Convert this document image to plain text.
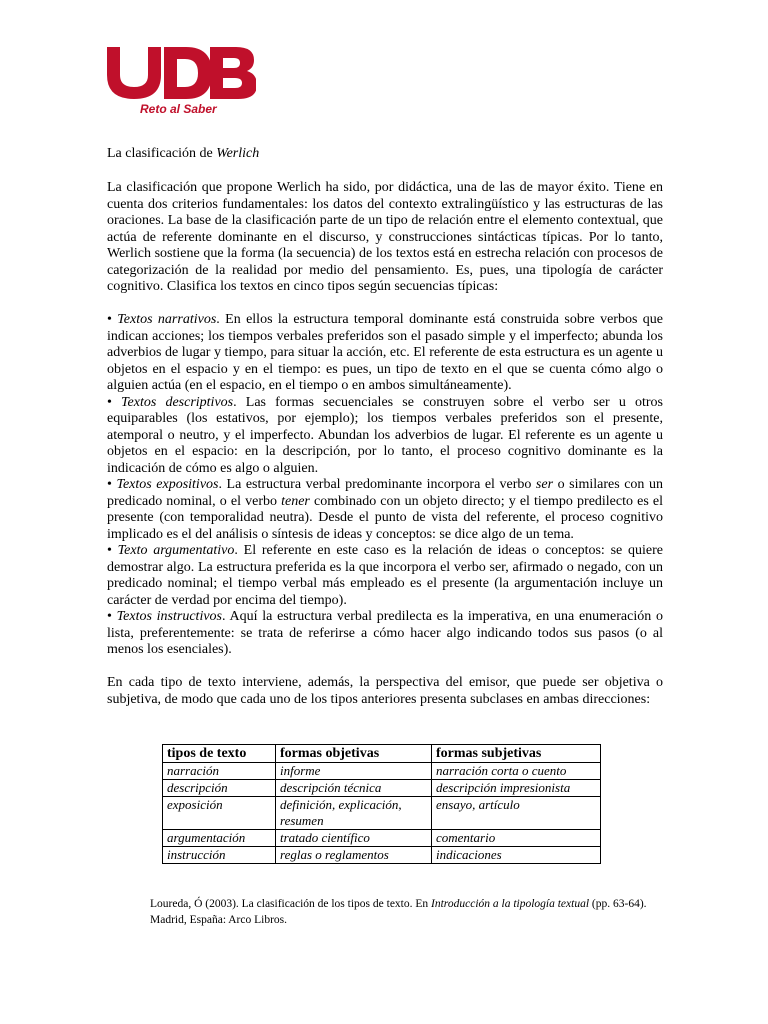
Reto al Saber
La clasificación de Werlich

La clasificación que propone Werlich ha sido, por didáctica, una de las de mayor éxito. Tiene en cuenta dos criterios fundamentales: los datos del contexto extralingüístico y las estructuras de las oraciones. La base de la clasificación parte de un tipo de relación entre el elemento contextual, que actúa de referente dominante en el discurso, y construcciones sintácticas típicas. Por lo tanto, Werlich sostiene que la forma (la secuencia) de los textos está en estrecha relación con procesos de categorización de la realidad por medio del pensamiento. Es, pues, una tipología de carácter cognitivo. Clasifica los textos en cinco tipos según secuencias típicas:

• Textos narrativos. En ellos la estructura temporal dominante está construida sobre verbos que indican acciones; los tiempos verbales preferidos son el pasado simple y el imperfecto; abunda los adverbios de lugar y tiempo, para situar la acción, etc. El referente de esta estructura es un agente u objetos en el espacio y en el tiempo: es pues, un tipo de texto en el que se cuenta cómo algo o alguien actúa (en el espacio, en el tiempo o en ambos simultáneamente).

• Textos descriptivos. Las formas secuenciales se construyen sobre el verbo ser u otros equiparables (los estativos, por ejemplo); los tiempos verbales preferidos son el presente, atemporal o neutro, y el imperfecto. Abundan los adverbios de lugar. El referente es un agente u objetos en el espacio: en la descripción, por lo tanto, el proceso cognitivo dominante es la indicación de cómo es algo o alguien.

• Textos expositivos. La estructura verbal predominante incorpora el verbo ser o similares con un predicado nominal, o el verbo tener combinado con un objeto directo; y el tiempo predilecto es el presente (con temporalidad neutra). Desde el punto de vista del referente, el proceso cognitivo implicado es el del análisis o síntesis de ideas y conceptos: se dice algo de un tema.

• Texto argumentativo. El referente en este caso es la relación de ideas o conceptos: se quiere demostrar algo. La estructura preferida es la que incorpora el verbo ser, afirmado o negado, con un predicado nominal; el tiempo verbal más empleado es el presente (la argumentación incluye un carácter de verdad por encima del tiempo).

• Textos instructivos. Aquí la estructura verbal predilecta es la imperativa, en una enumeración o lista, preferentemente: se trata de referirse a cómo hacer algo indicando todos sus pasos (o al menos los esenciales).

En cada tipo de texto interviene, además, la perspectiva del emisor, que puede ser objetiva o subjetiva, de modo que cada uno de los tipos anteriores presenta subclases en ambas direcciones:

tipos de texto	formas objetivas	formas subjetivas
narración	informe	narración corta o cuento
descripción	descripción técnica	descripción impresionista
exposición	definición, explicación, resumen	ensayo, artículo
argumentación	tratado científico	comentario
instrucción	reglas o reglamentos	indicaciones
Loureda, Ó (2003). La clasificación de los tipos de texto. En Introducción a la tipología textual (pp. 63-64). Madrid, España: Arco Libros.
